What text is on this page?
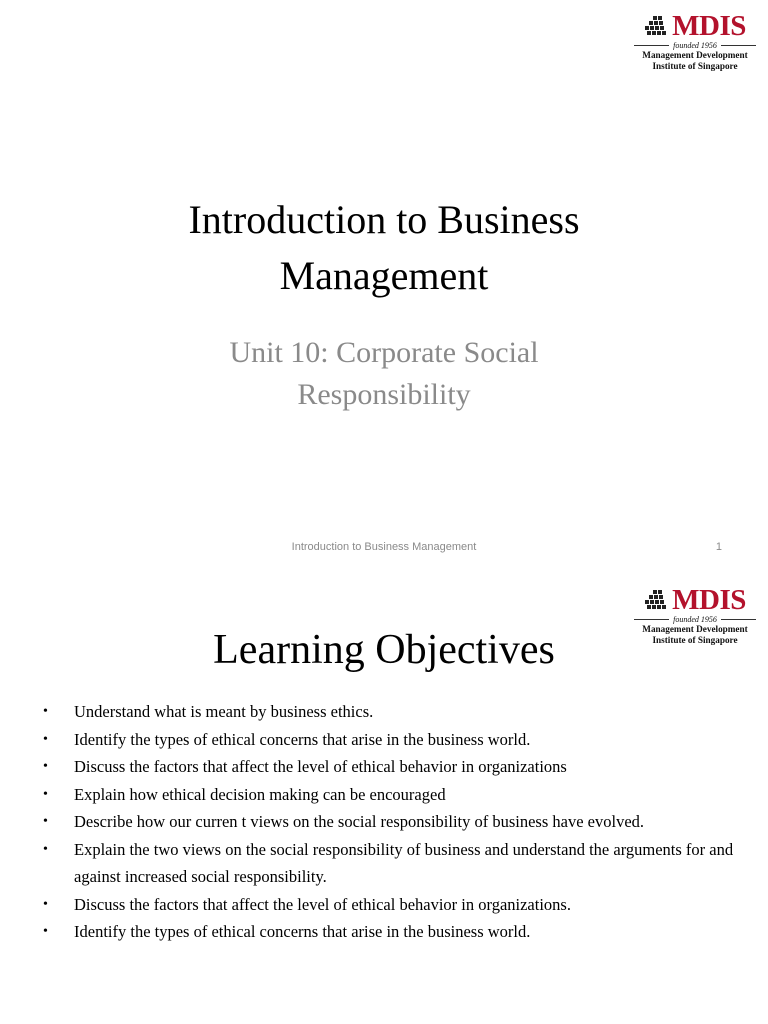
MDIS
founded 1956
Management Development
Institute of Singapore
Introduction to Business
Management
Unit 10: Corporate Social
Responsibility
Introduction to Business Management	1
MDIS
founded 1956
Management Development
Institute of Singapore
Learning Objectives
• Understand what is meant by business ethics.
• Identify the types of ethical concerns that arise in the business world.
• Discuss the factors that affect the level of ethical behavior in organizations
• Explain how ethical decision making can be encouraged
• Describe how our curren t views on the social responsibility of business have evolved.
• Explain the two views on the social responsibility of business and understand the arguments for and against increased social responsibility.
• Discuss the factors that affect the level of ethical behavior in organizations.
• Identify the types of ethical concerns that arise in the business world.
